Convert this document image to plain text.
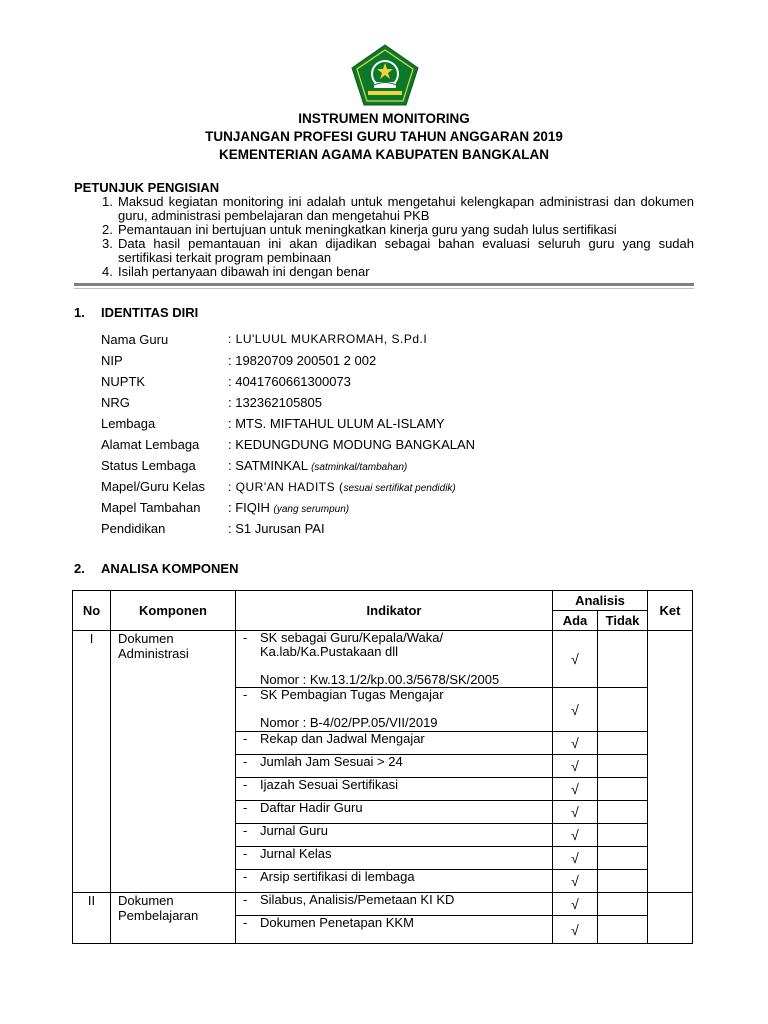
INSTRUMEN MONITORING
TUNJANGAN PROFESI GURU TAHUN ANGGARAN 2019
KEMENTERIAN AGAMA KABUPATEN BANGKALAN
PETUNJUK PENGISIAN
1. Maksud kegiatan monitoring ini adalah untuk mengetahui kelengkapan administrasi dan dokumen guru, administrasi pembelajaran dan mengetahui PKB
2. Pemantauan ini bertujuan untuk meningkatkan kinerja guru yang sudah lulus sertifikasi
3. Data hasil pemantauan ini akan dijadikan sebagai bahan evaluasi seluruh guru yang sudah sertifikasi terkait program pembinaan
4. Isilah pertanyaan dibawah ini dengan benar
1. IDENTITAS DIRI
Nama Guru	: LU'LUUL MUKARROMAH, S.Pd.I
NIP	: 19820709 200501 2 002
NUPTK	: 4041760661300073
NRG	: 132362105805
Lembaga	: MTS. MIFTAHUL ULUM AL-ISLAMY
Alamat Lembaga : KEDUNGDUNG MODUNG BANGKALAN
Status Lembaga : SATMINKAL (satminkal/tambahan)
Mapel/Guru Kelas : QUR'AN HADITS (sesuai sertifikat pendidik)
Mapel Tambahan : FIQIH (yang serumpun)
Pendidikan	: S1 Jurusan PAI
2. ANALISA KOMPONEN
No	Komponen	Indikator	Analisis		Ket
			Ada	Tidak	
I	Dokumen Administrasi	- SK sebagai Guru/Kepala/Waka/
Ka.lab/Ka.Pustakaan dll
Nomor : Kw.13.1/2/kp.00.3/5678/SK/2005	√		

		- SK Pembagian Tugas Mengajar
Nomor : B-4/02/PP.05/VII/2019	√		

		- Rekap dan Jadwal Mengajar	√		

		- Jumlah Jam Sesuai > 24	√		

		- Ijazah Sesuai Sertifikasi	√		

		- Daftar Hadir Guru	√		

		- Jurnal Guru	√		

		- Jurnal Kelas	√		

		- Arsip sertifikasi di lembaga	√		
II	Dokumen Pembelajaran	- Silabus, Analisis/Pemetaan KI KD	√		

		- Dokumen Penetapan KKM	√		
